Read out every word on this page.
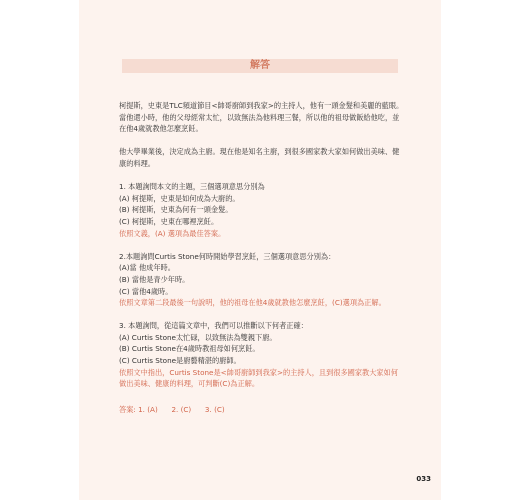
解答

柯提斯，史東是TLC頻道節目<帥哥廚師到我家>的主持人，他有一頭金髮和美麗的藍眼。當他還小時，他的父母經常太忙，以致無法為他料理三餐，所以他的祖母做飯給他吃，並在他4歲就教他怎麼烹飪。

他大學畢業後，決定成為主廚。現在他是知名主廚，到很多國家教大家如何做出美味、健康的料理。

1. 本題詢問本文的主題，三個選項意思分別為

(A) 柯提斯，史東是如何成為大廚的。

(B) 柯提斯，史東為何有一頭金髮。

(C) 柯提斯，史東在哪裡烹飪。

依照文義，(A) 選項為最佳答案。

2.本題詢問Curtis Stone何時開始學習烹飪，三個選項意思分別為：

(A)當 他成年時。

(B) 當他是青少年時。

(C) 當他4歲時。

依照文章第二段最後一句說明，他的祖母在他4歲就教他怎麼烹飪，(C)選項為正解。

3. 本題詢問，從這篇文章中，我們可以推斷以下何者正確：

(A) Curtis Stone太忙碌，以致無法為雙親下廚。

(B) Curtis Stone在4歲時教祖母如何烹飪。

(C) Curtis Stone是廚藝精湛的廚師。

依照文中指出，Curtis Stone是<帥哥廚師到我家>的主持人，且到很多國家教大家如何做出美味、健康的料理，可判斷(C)為正解。

答案: 1. (A)      2. (C)      3. (C)
033
